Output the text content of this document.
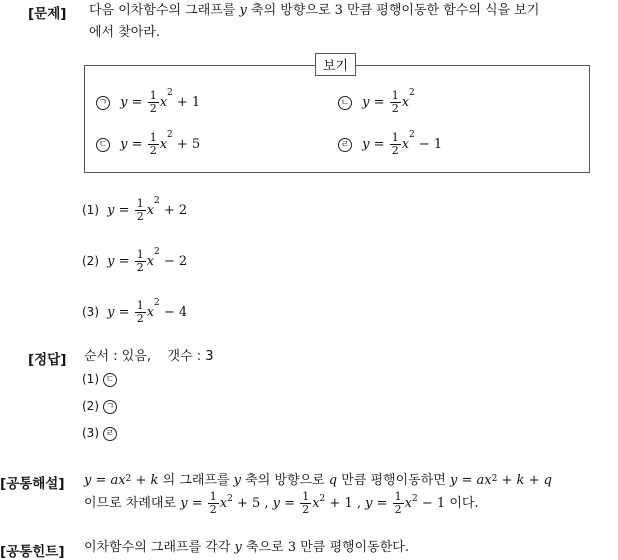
[문제] 다음 이차함수의 그래프를 y 축의 방향으로 3 만큼 평행이동한 함수의 식을 보기
에서 찾아라.
보기
ㄱ $y = \frac{1}{2} x^2 + 1$	ㄴ $y = \frac{1}{2} x^2$
ㄷ $y = \frac{1}{2} x^2 + 5$	ㄹ $y = \frac{1}{2} x^2 - 1$
(1) $y = \frac{1}{2} x^2 + 2$
(2) $y = \frac{1}{2} x^2 - 2$
(3) $y = \frac{1}{2} x^2 - 4$
[정답] 순서 : 있음,    갯수 : 3
(1) ㄷ
(2) ㄱ
(3) ㄹ
[공통해설] $y = ax^2 + k$ 의 그래프를 y 축의 방향으로 q 만큼 평행이동하면 $y = ax^2 + k + q$
이므로 차례대로 $y = \frac{1}{2} x^2 + 5$ , $y = \frac{1}{2} x^2 + 1$ , $y = \frac{1}{2} x^2 - 1$ 이다.
[공통힌트] 이차함수의 그래프를 각각 y 축으로 3 만큼 평행이동한다.
